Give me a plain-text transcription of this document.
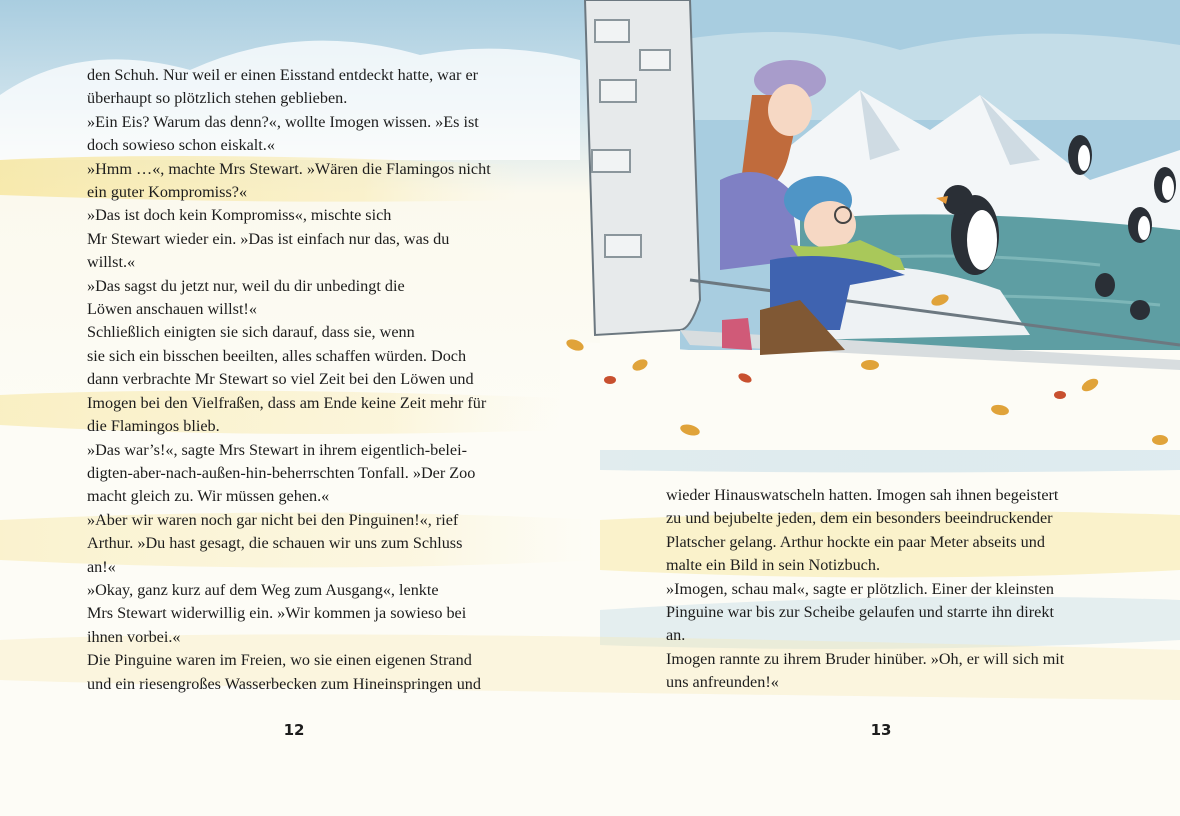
den Schuh. Nur weil er einen Eisstand entdeckt hatte, war er
überhaupt so plötzlich stehen geblieben.
»Ein Eis? Warum das denn?«, wollte Imogen wissen. »Es ist
doch sowieso schon eiskalt.«
»Hmm …«, machte Mrs Stewart. »Wären die Flamingos nicht
ein guter Kompromiss?«
»Das ist doch kein Kompromiss«, mischte sich
Mr Stewart wieder ein. »Das ist einfach nur das, was du
willst.«
»Das sagst du jetzt nur, weil du dir unbedingt die
Löwen anschauen willst!«
Schließlich einigten sie sich darauf, dass sie, wenn
sie sich ein bisschen beeilten, alles schaffen würden. Doch
dann verbrachte Mr Stewart so viel Zeit bei den Löwen und
Imogen bei den Vielfraßen, dass am Ende keine Zeit mehr für
die Flamingos blieb.
»Das war’s!«, sagte Mrs Stewart in ihrem eigentlich-belei-
digten-aber-nach-außen-hin-beherrschten Tonfall. »Der Zoo
macht gleich zu. Wir müssen gehen.«
»Aber wir waren noch gar nicht bei den Pinguinen!«, rief
Arthur. »Du hast gesagt, die schauen wir uns zum Schluss
an!«
»Okay, ganz kurz auf dem Weg zum Ausgang«, lenkte
Mrs Stewart widerwillig ein. »Wir kommen ja sowieso bei
ihnen vorbei.«
Die Pinguine waren im Freien, wo sie einen eigenen Strand
und ein riesengroßes Wasserbecken zum Hineinspringen und

wieder Hinauswatscheln hatten. Imogen sah ihnen begeistert
zu und bejubelte jeden, dem ein besonders beeindruckender
Platscher gelang. Arthur hockte ein paar Meter abseits und
malte ein Bild in sein Notizbuch.
»Imogen, schau mal«, sagte er plötzlich. Einer der kleinsten
Pinguine war bis zur Scheibe gelaufen und starrte ihn direkt
an.
Imogen rannte zu ihrem Bruder hinüber. »Oh, er will sich mit
uns anfreunden!«

12	13
